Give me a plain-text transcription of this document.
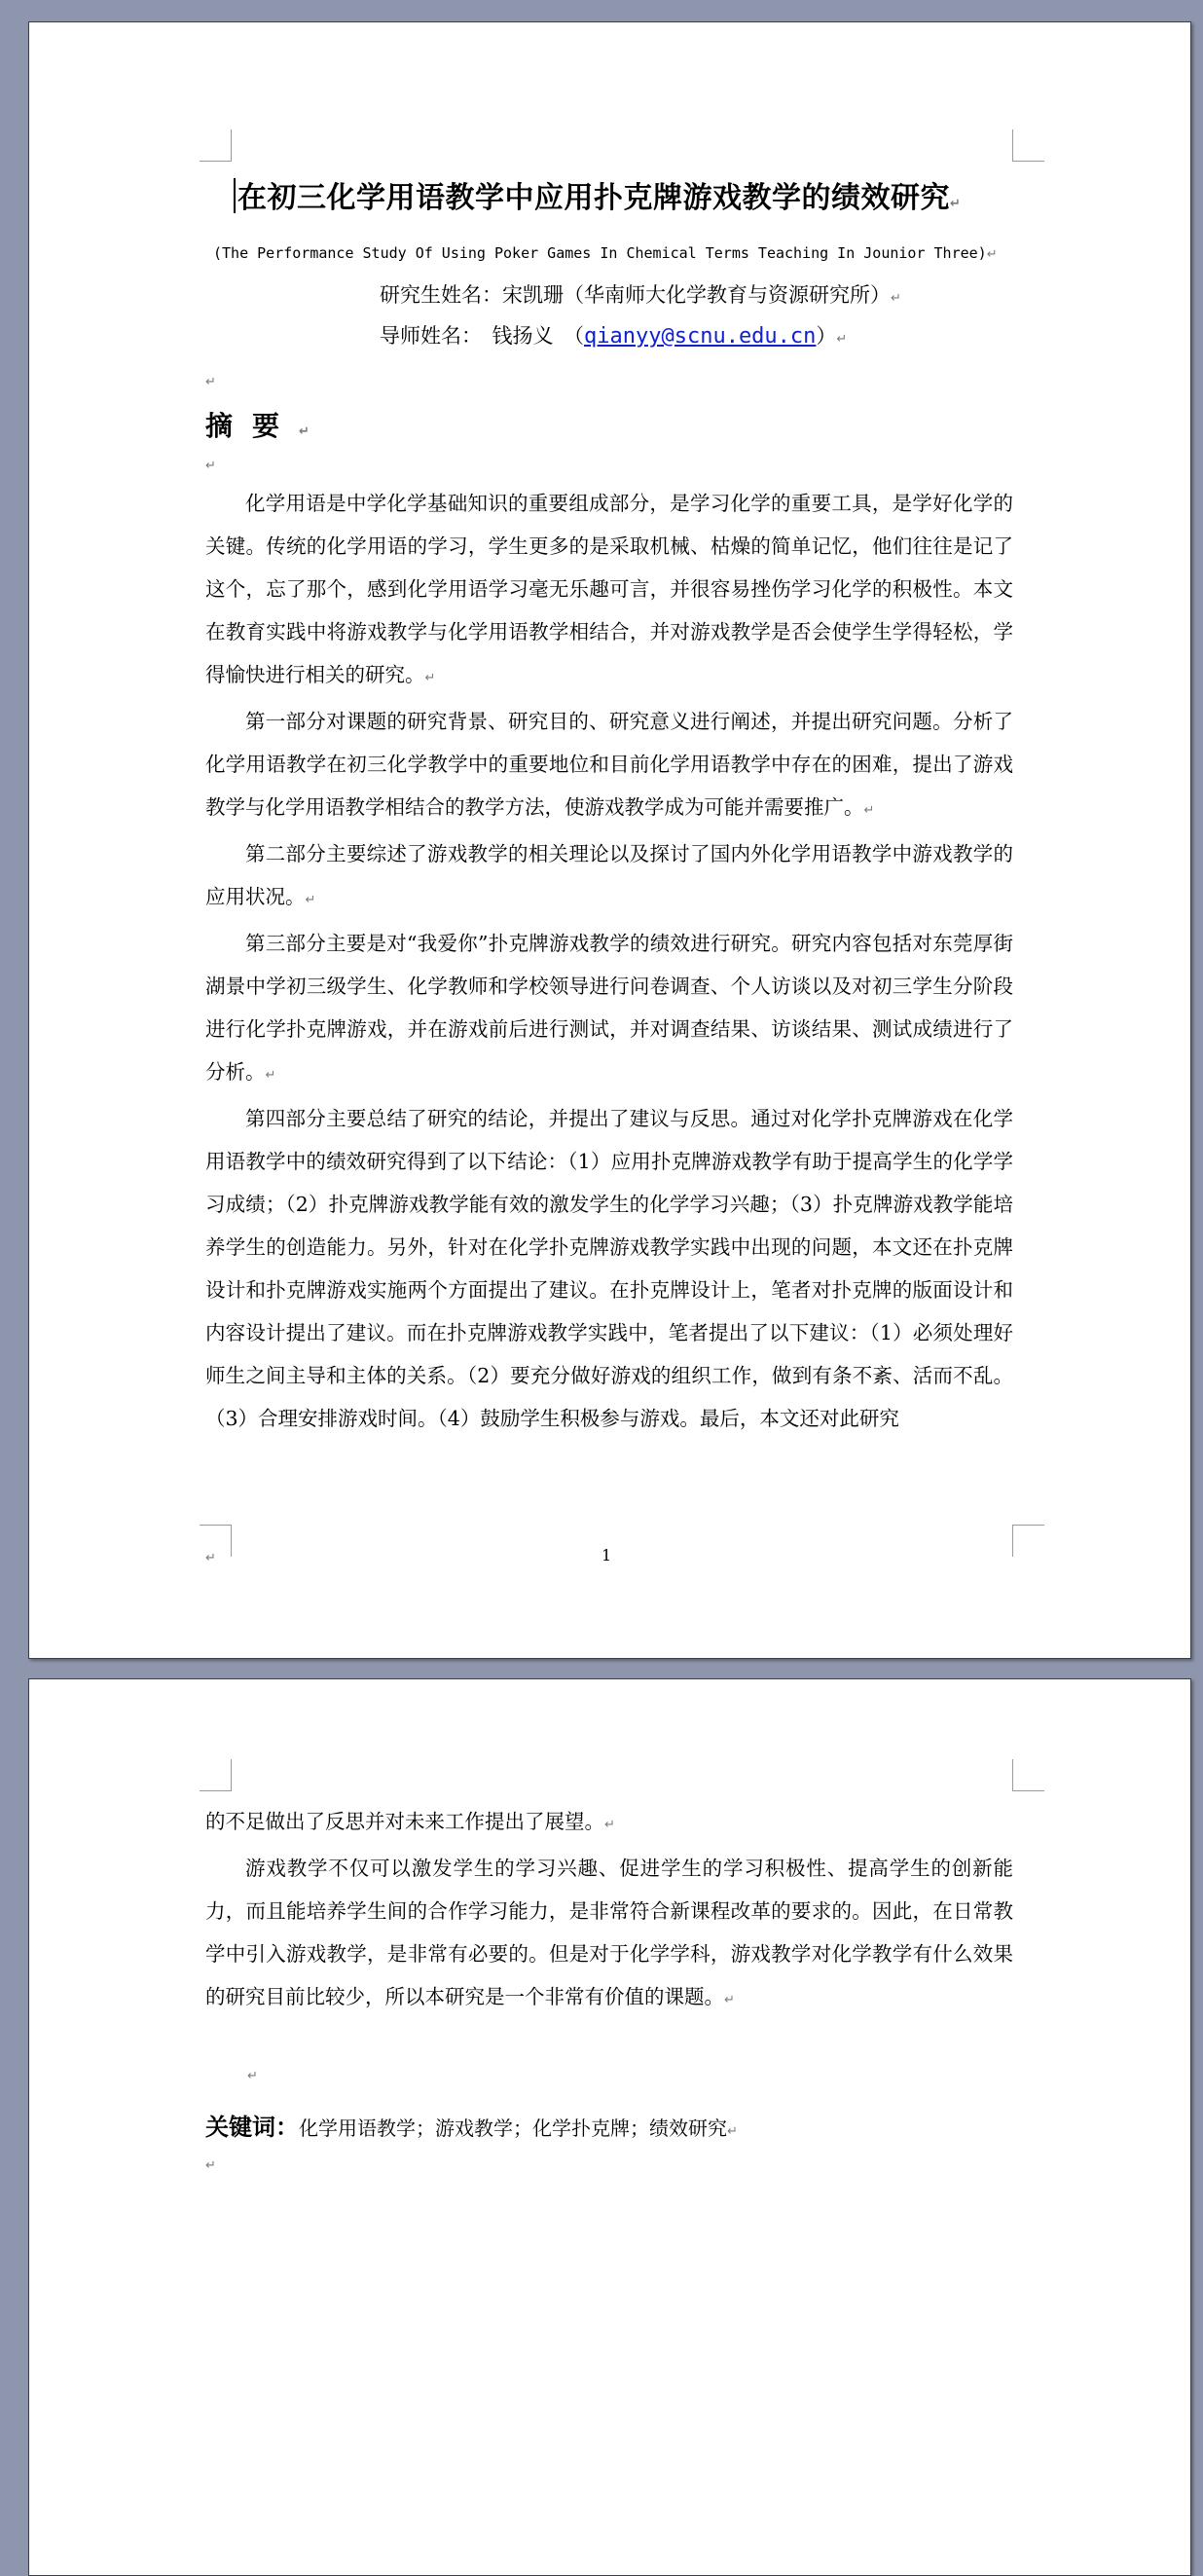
在初三化学用语教学中应用扑克牌游戏教学的绩效研究↵
(The Performance Study Of Using Poker Games In Chemical Terms Teaching In Jounior Three)↵
研究生姓名：宋凯珊（华南师大化学教育与资源研究所）↵
导师姓名：　钱扬义　（qianyy@scnu.edu.cn）↵
↵
摘要↵
↵

化学用语是中学化学基础知识的重要组成部分，是学习化学的重要工具，是学好化学的关键。传统的化学用语的学习，学生更多的是采取机械、枯燥的简单记忆，他们往往是记了这个，忘了那个，感到化学用语学习毫无乐趣可言，并很容易挫伤学习化学的积极性。本文在教育实践中将游戏教学与化学用语教学相结合，并对游戏教学是否会使学生学得轻松，学得愉快进行相关的研究。↵

第一部分对课题的研究背景、研究目的、研究意义进行阐述，并提出研究问题。分析了化学用语教学在初三化学教学中的重要地位和目前化学用语教学中存在的困难，提出了游戏教学与化学用语教学相结合的教学方法，使游戏教学成为可能并需要推广。↵

第二部分主要综述了游戏教学的相关理论以及探讨了国内外化学用语教学中游戏教学的应用状况。↵

第三部分主要是对“我爱你”扑克牌游戏教学的绩效进行研究。研究内容包括对东莞厚街湖景中学初三级学生、化学教师和学校领导进行问卷调查、个人访谈以及对初三学生分阶段进行化学扑克牌游戏，并在游戏前后进行测试，并对调查结果、访谈结果、测试成绩进行了分析。↵

第四部分主要总结了研究的结论，并提出了建议与反思。通过对化学扑克牌游戏在化学用语教学中的绩效研究得到了以下结论：（1）应用扑克牌游戏教学有助于提高学生的化学学习成绩；（2）扑克牌游戏教学能有效的激发学生的化学学习兴趣；（3）扑克牌游戏教学能培养学生的创造能力。另外，针对在化学扑克牌游戏教学实践中出现的问题，本文还在扑克牌设计和扑克牌游戏实施两个方面提出了建议。在扑克牌设计上，笔者对扑克牌的版面设计和内容设计提出了建议。而在扑克牌游戏教学实践中，笔者提出了以下建议：（1）必须处理好师生之间主导和主体的关系。（2）要充分做好游戏的组织工作，做到有条不紊、活而不乱。（3）合理安排游戏时间。（4）鼓励学生积极参与游戏。最后，本文还对此研究

↵	1

的不足做出了反思并对未来工作提出了展望。↵

游戏教学不仅可以激发学生的学习兴趣、促进学生的学习积极性、提高学生的创新能力，而且能培养学生间的合作学习能力，是非常符合新课程改革的要求的。因此，在日常教学中引入游戏教学，是非常有必要的。但是对于化学学科，游戏教学对化学教学有什么效果的研究目前比较少，所以本研究是一个非常有价值的课题。↵

↵
关键词：化学用语教学；游戏教学；化学扑克牌；绩效研究↵
↵
